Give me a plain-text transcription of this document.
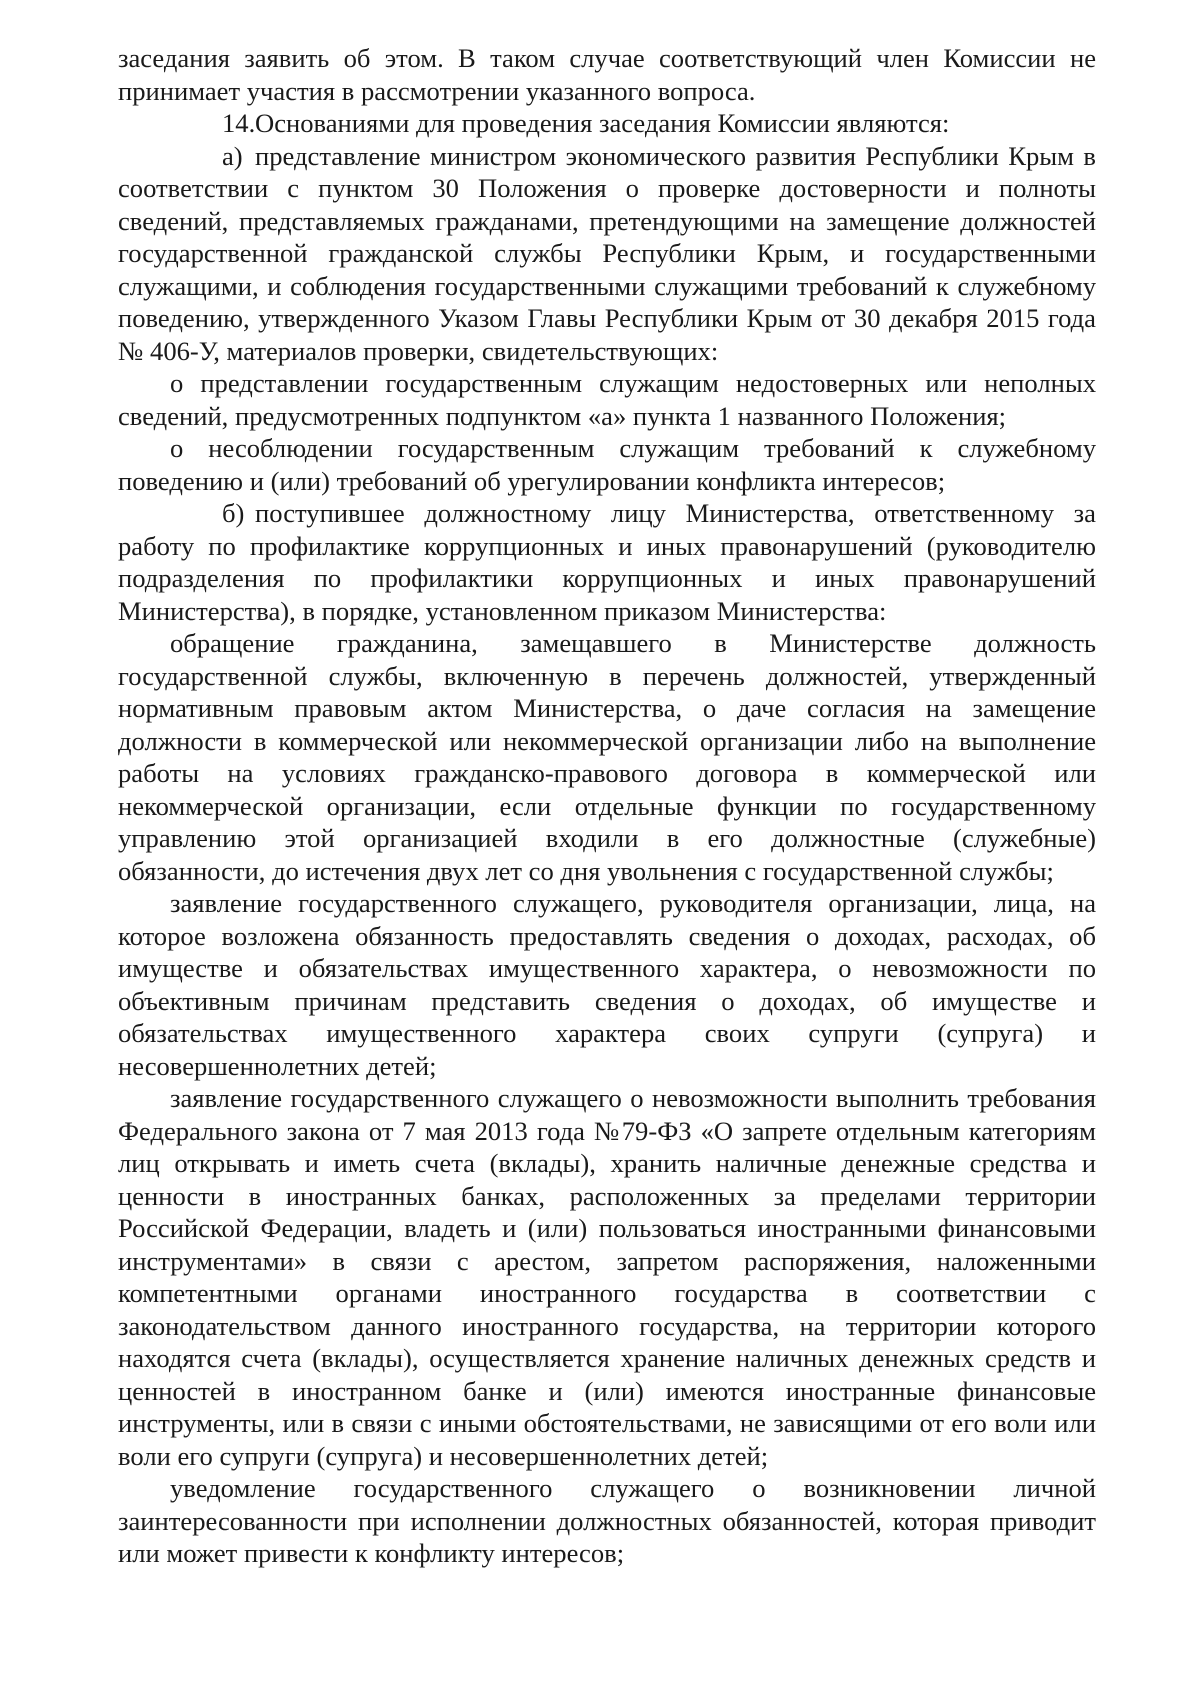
заседания заявить об этом. В таком случае соответствующий член Комиссии не принимает участия в рассмотрении указанного вопроса.

14.Основаниями для проведения заседания Комиссии являются:

а) представление министром экономического развития Республики Крым в соответствии с пунктом 30 Положения о проверке достоверности и полноты сведений, представляемых гражданами, претендующими на замещение должностей государственной гражданской службы Республики Крым, и государственными служащими, и соблюдения государственными служащими требований к служебному поведению, утвержденного Указом Главы Республики Крым от 30 декабря 2015 года № 406-У, материалов проверки, свидетельствующих:

о представлении государственным служащим недостоверных или неполных сведений, предусмотренных подпунктом «а» пункта 1 названного Положения;

о несоблюдении государственным служащим требований к служебному поведению и (или) требований об урегулировании конфликта интересов;

б) поступившее должностному лицу Министерства, ответственному за работу по профилактике коррупционных и иных правонарушений (руководителю подразделения по профилактики коррупционных и иных правонарушений Министерства), в порядке, установленном приказом Министерства:

обращение гражданина, замещавшего в Министерстве должность государственной службы, включенную в перечень должностей, утвержденный нормативным правовым актом Министерства, о даче согласия на замещение должности в коммерческой или некоммерческой организации либо на выполнение работы на условиях гражданско-правового договора в коммерческой или некоммерческой организации, если отдельные функции по государственному управлению этой организацией входили в его должностные (служебные) обязанности, до истечения двух лет со дня увольнения с государственной службы;

заявление государственного служащего, руководителя организации, лица, на которое возложена обязанность предоставлять сведения о доходах, расходах, об имуществе и обязательствах имущественного характера, о невозможности по объективным причинам представить сведения о доходах, об имуществе и обязательствах имущественного характера своих супруги (супруга) и несовершеннолетних детей;

заявление государственного служащего о невозможности выполнить требования Федерального закона от 7 мая 2013 года №79-ФЗ «О запрете отдельным категориям лиц открывать и иметь счета (вклады), хранить наличные денежные средства и ценности в иностранных банках, расположенных за пределами территории Российской Федерации, владеть и (или) пользоваться иностранными финансовыми инструментами» в связи с арестом, запретом распоряжения, наложенными компетентными органами иностранного государства в соответствии с законодательством данного иностранного государства, на территории которого находятся счета (вклады), осуществляется хранение наличных денежных средств и ценностей в иностранном банке и (или) имеются иностранные финансовые инструменты, или в связи с иными обстоятельствами, не зависящими от его воли или воли его супруги (супруга) и несовершеннолетних детей;

уведомление государственного служащего о возникновении личной заинтересованности при исполнении должностных обязанностей, которая приводит или может привести к конфликту интересов;
